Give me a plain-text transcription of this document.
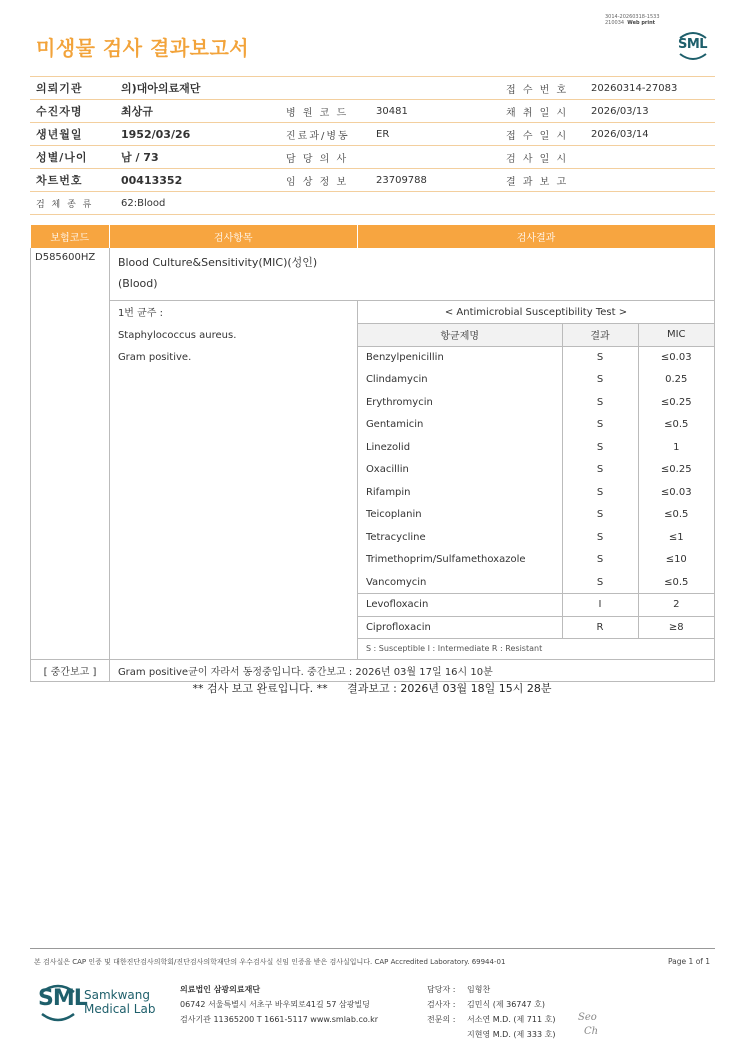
3014-20260318-1533
210034 Web print
미생물 검사 결과보고서	SML
의뢰기관	의)대아의료재단			접 수 번 호	20260314-27083
수진자명	최상규	병 원 코 드	30481	채 취 일 시	2026/03/13
생년월일	1952/03/26	진료과/병동	ER	접 수 일 시	2026/03/14
성별/나이	남 / 73	담 당 의 사		검 사 일 시	
차트번호	00413352	임 상 정 보	23709788	결 과 보 고	
검 체 종 류	62:Blood				
보험코드	검사항목	검사결과
D585600HZ	Blood Culture&Sensitivity(MIC)(성인)
(Blood)
1번 균주 :
Staphylococcus aureus.
Gram positive.
< Antimicrobial Susceptibility Test >
항균제명	결과	MIC
Benzylpenicillin	S	≤0.03
Clindamycin	S	0.25
Erythromycin	S	≤0.25
Gentamicin	S	≤0.5
Linezolid	S	1
Oxacillin	S	≤0.25
Rifampin	S	≤0.03
Teicoplanin	S	≤0.5
Tetracycline	S	≤1
Trimethoprim/Sulfamethoxazole	S	≤10
Vancomycin	S	≤0.5
Levofloxacin	I	2
Ciprofloxacin	R	≥8
S : Susceptible I : Intermediate R : Resistant

[ 중간보고 ]	Gram positive균이 자라서 동정중입니다. 중간보고 : 2026년 03월 17일 16시 10분
** 검사 보고 완료입니다. ** 결과보고 : 2026년 03월 18일 15시 28분
본 검사실은 CAP 인증 및 대한진단검사의학회/진단검사의학재단의 우수검사실 신임 인증을 받은 검사실입니다. CAP Accredited Laboratory. 69944-01	Page 1 of 1
SML
Samkwang
Medical Lab
의료법인 삼광의료재단
06742 서울특별시 서초구 바우뫼로41길 57 삼광빌딩
검사기관 11365200 T 1661-5117 www.smlab.co.kr
담당자 :	임형찬
검사자 :	김민식 (제 36747 호)
전문의 :	서소연 M.D. (제 711 호)
지현영 M.D. (제 333 호)
Seo
Ch
